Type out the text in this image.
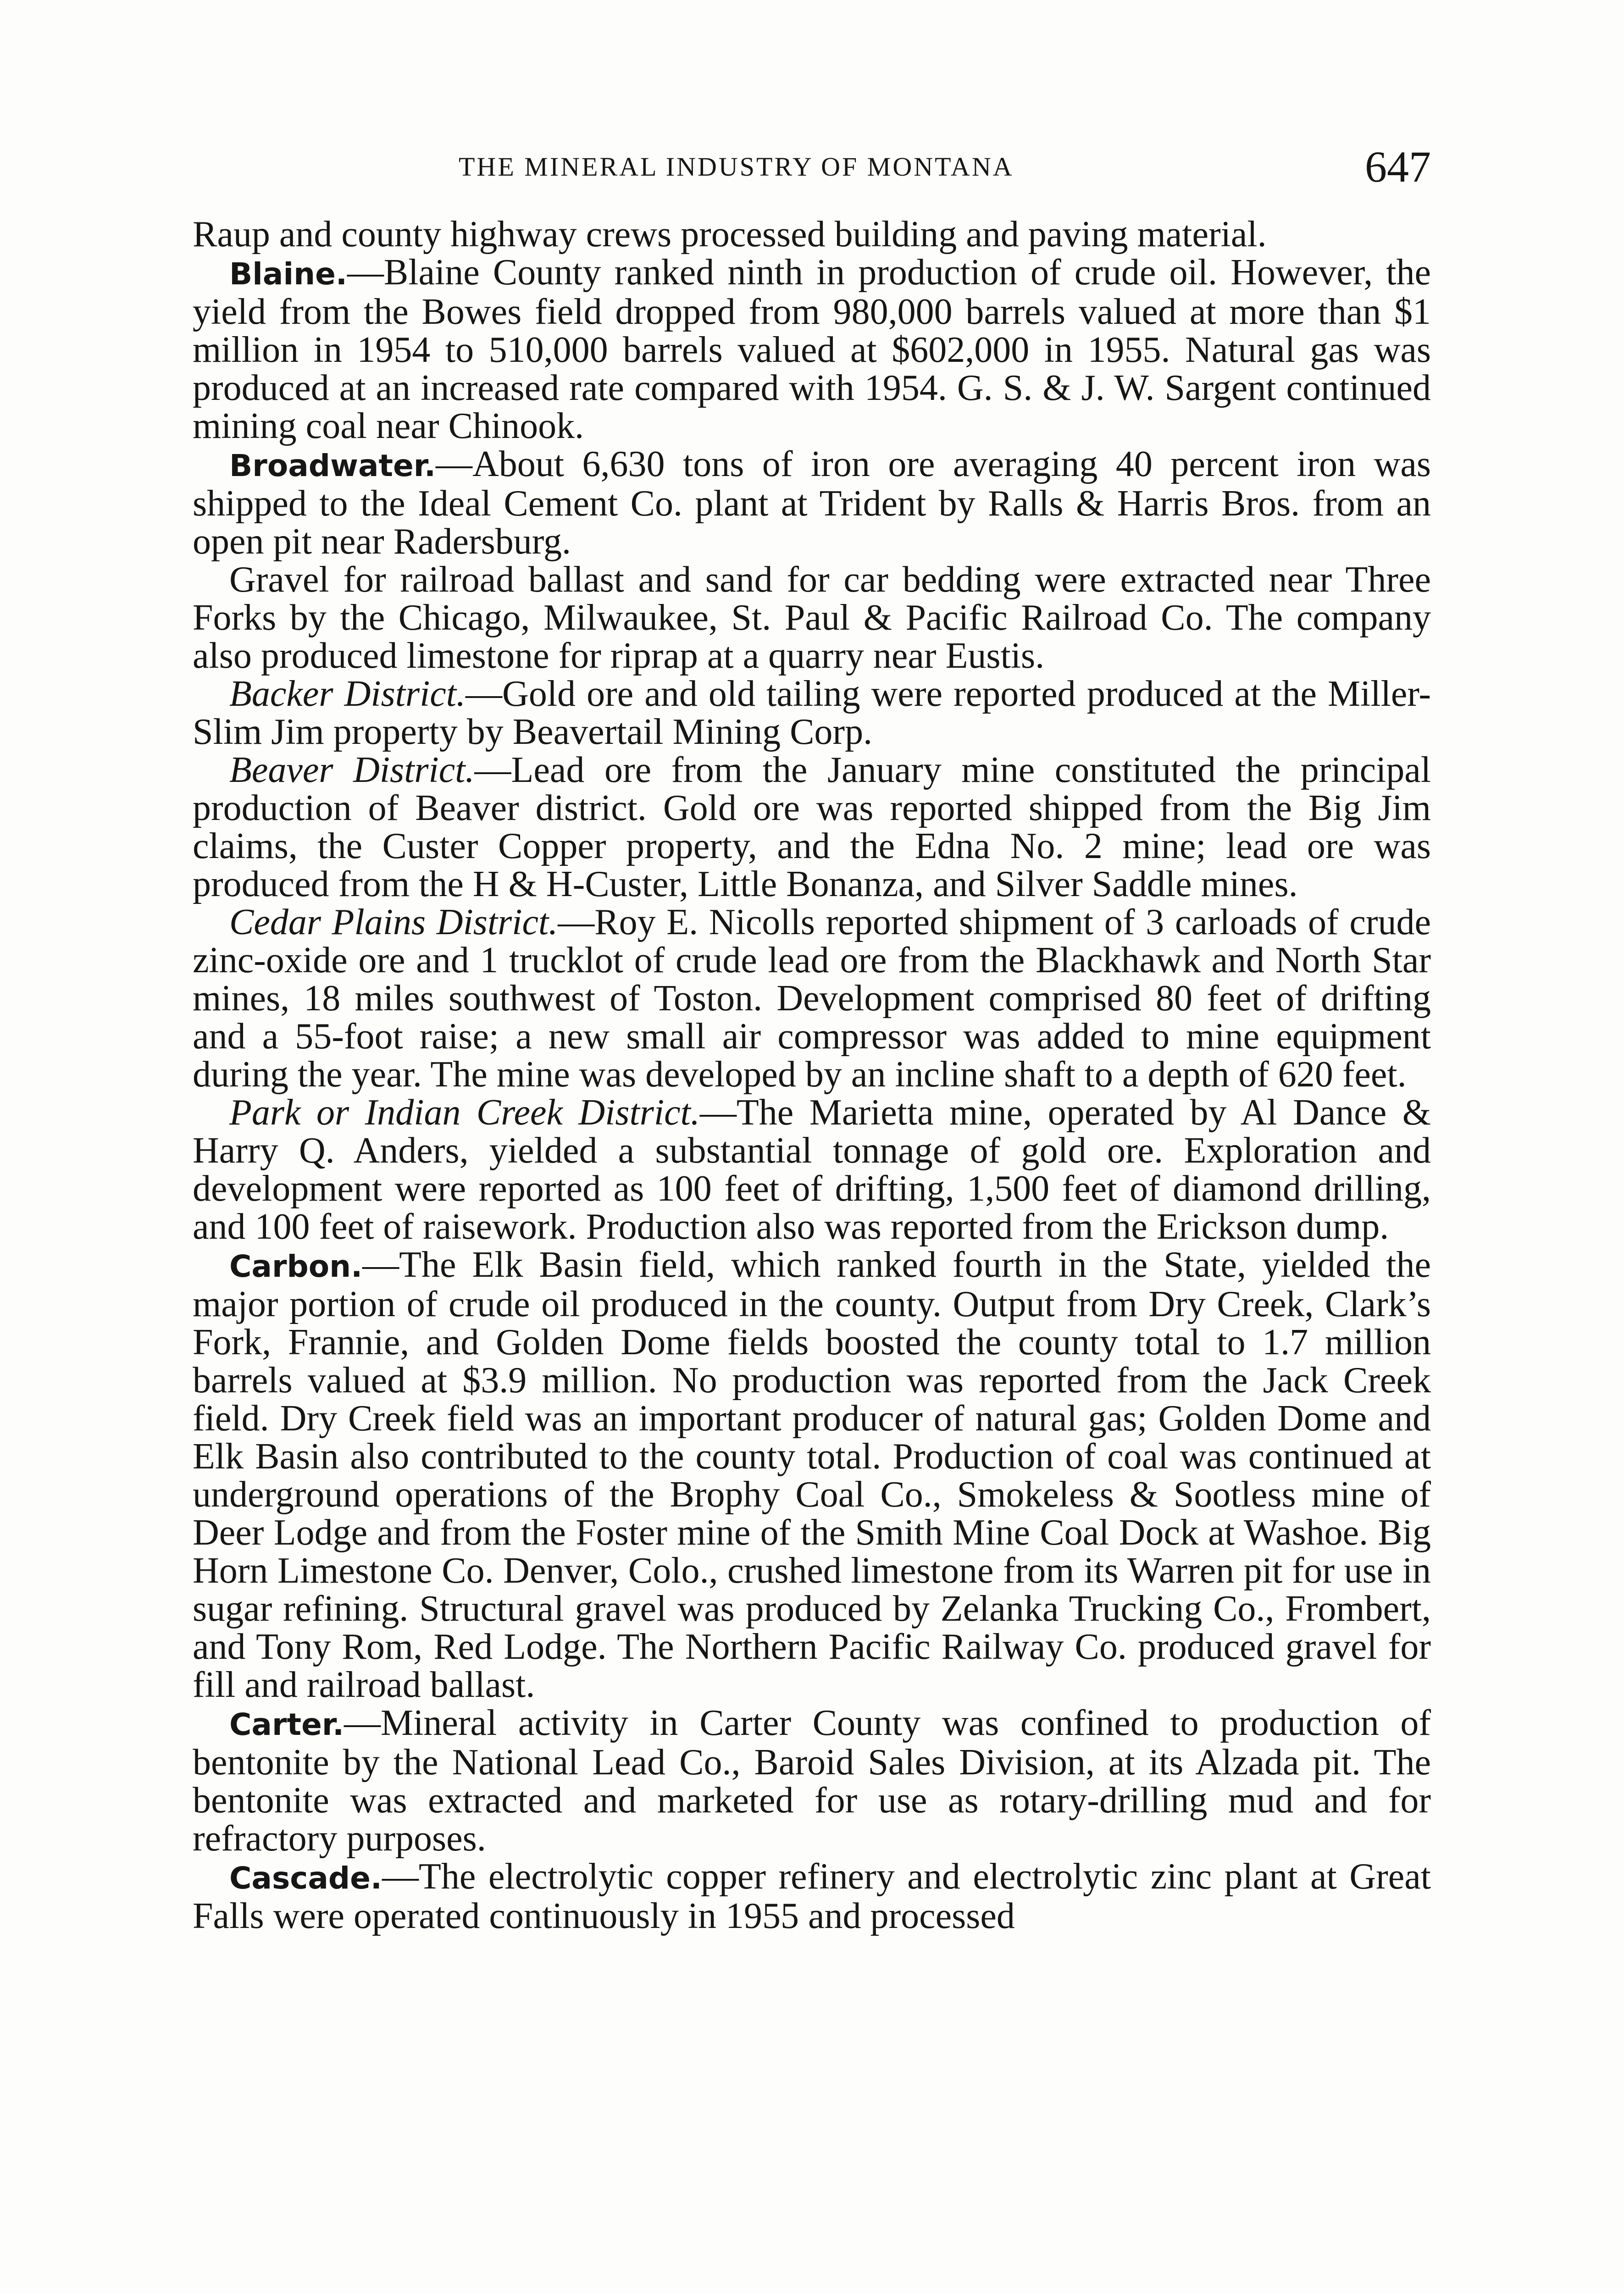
THE MINERAL INDUSTRY OF MONTANA	647

Raup and county highway crews processed building and paving material.

Blaine.—Blaine County ranked ninth in production of crude oil. However, the yield from the Bowes field dropped from 980,000 barrels valued at more than $1 million in 1954 to 510,000 barrels valued at $602,000 in 1955. Natural gas was produced at an increased rate compared with 1954. G. S. & J. W. Sargent continued mining coal near Chinook.

Broadwater.—About 6,630 tons of iron ore averaging 40 percent iron was shipped to the Ideal Cement Co. plant at Trident by Ralls & Harris Bros. from an open pit near Radersburg.

Gravel for railroad ballast and sand for car bedding were extracted near Three Forks by the Chicago, Milwaukee, St. Paul & Pacific Railroad Co. The company also produced limestone for riprap at a quarry near Eustis.

Backer District.—Gold ore and old tailing were reported produced at the Miller-Slim Jim property by Beavertail Mining Corp.

Beaver District.—Lead ore from the January mine constituted the principal production of Beaver district. Gold ore was reported shipped from the Big Jim claims, the Custer Copper property, and the Edna No. 2 mine; lead ore was produced from the H & H-Custer, Little Bonanza, and Silver Saddle mines.

Cedar Plains District.—Roy E. Nicolls reported shipment of 3 carloads of crude zinc-oxide ore and 1 trucklot of crude lead ore from the Blackhawk and North Star mines, 18 miles southwest of Toston. Development comprised 80 feet of drifting and a 55-foot raise; a new small air compressor was added to mine equipment during the year. The mine was developed by an incline shaft to a depth of 620 feet.

Park or Indian Creek District.—The Marietta mine, operated by Al Dance & Harry Q. Anders, yielded a substantial tonnage of gold ore. Exploration and development were reported as 100 feet of drifting, 1,500 feet of diamond drilling, and 100 feet of raisework. Production also was reported from the Erickson dump.

Carbon.—The Elk Basin field, which ranked fourth in the State, yielded the major portion of crude oil produced in the county. Output from Dry Creek, Clark’s Fork, Frannie, and Golden Dome fields boosted the county total to 1.7 million barrels valued at $3.9 million. No production was reported from the Jack Creek field. Dry Creek field was an important producer of natural gas; Golden Dome and Elk Basin also contributed to the county total. Production of coal was continued at underground operations of the Brophy Coal Co., Smokeless & Sootless mine of Deer Lodge and from the Foster mine of the Smith Mine Coal Dock at Washoe. Big Horn Limestone Co. Denver, Colo., crushed limestone from its Warren pit for use in sugar refining. Structural gravel was produced by Zelanka Trucking Co., Frombert, and Tony Rom, Red Lodge. The Northern Pacific Railway Co. produced gravel for fill and railroad ballast.

Carter.—Mineral activity in Carter County was confined to production of bentonite by the National Lead Co., Baroid Sales Division, at its Alzada pit. The bentonite was extracted and marketed for use as rotary-drilling mud and for refractory purposes.

Cascade.—The electrolytic copper refinery and electrolytic zinc plant at Great Falls were operated continuously in 1955 and processed
